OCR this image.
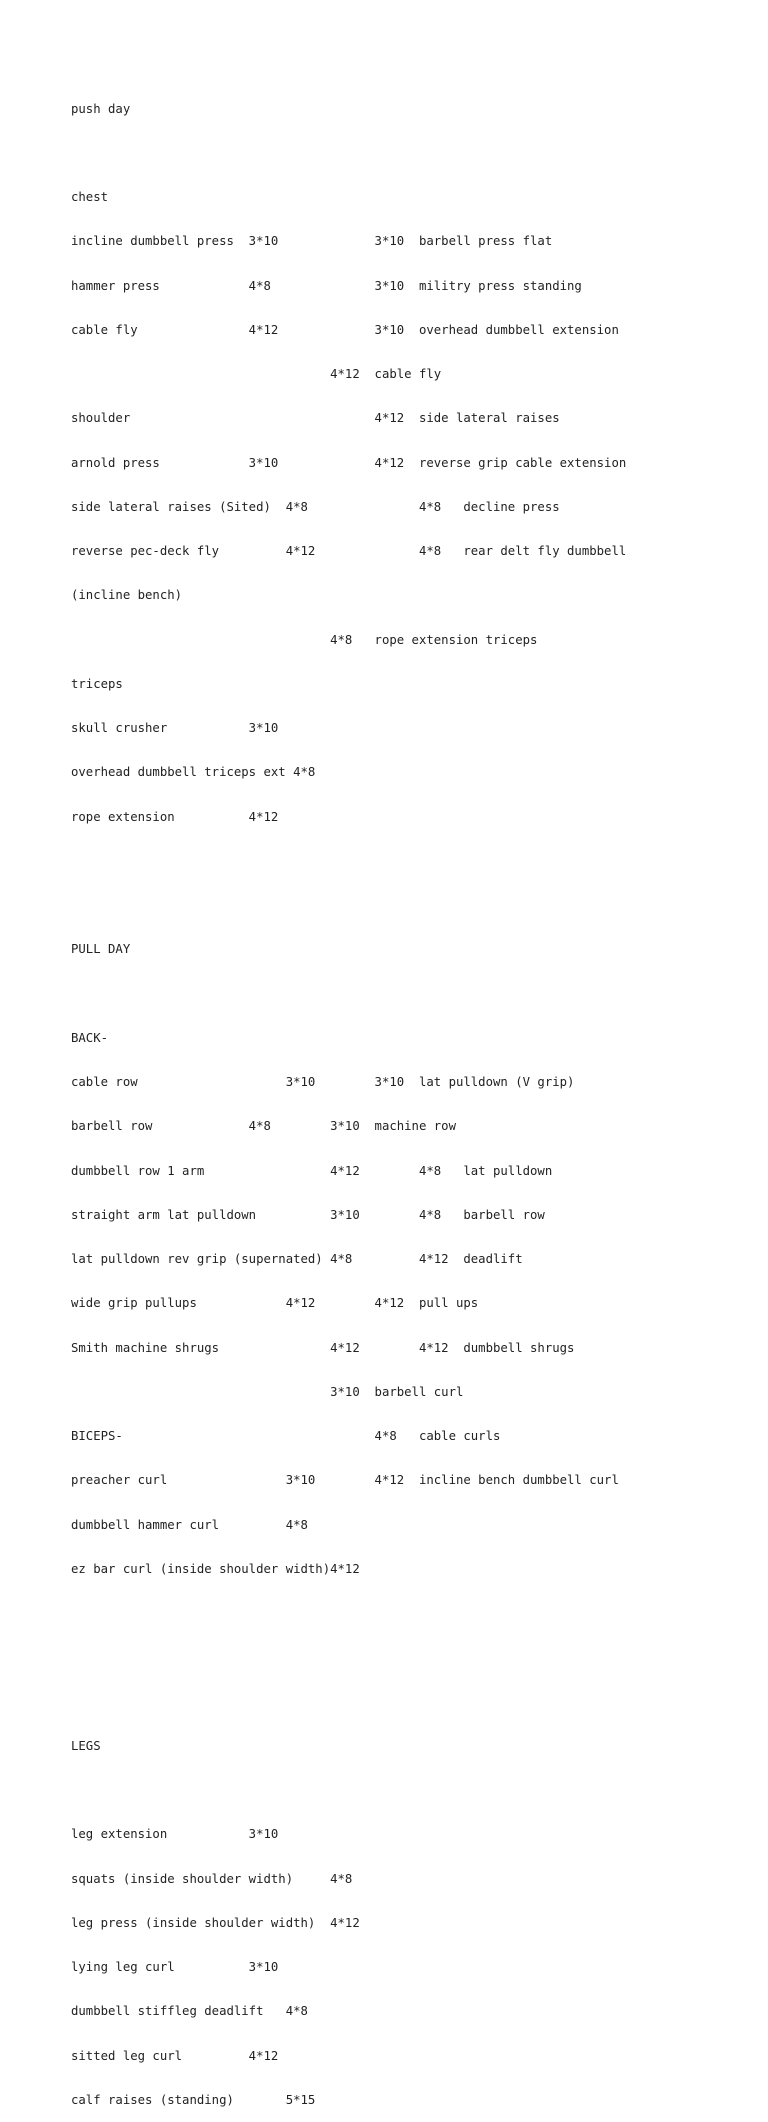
push day

chest

incline dumbbell press  3*10             3*10  barbell press flat

hammer press            4*8              3*10  militry press standing

cable fly               4*12             3*10  overhead dumbbell extension

4*12  cable fly

shoulder                                 4*12  side lateral raises

arnold press            3*10             4*12  reverse grip cable extension

side lateral raises (Sited)  4*8               4*8   decline press

reverse pec-deck fly         4*12              4*8   rear delt fly dumbbell

(incline bench)

4*8   rope extension triceps

triceps

skull crusher           3*10

overhead dumbbell triceps ext 4*8

rope extension          4*12

PULL DAY

BACK-

cable row                    3*10        3*10  lat pulldown (V grip)

barbell row             4*8        3*10  machine row

dumbbell row 1 arm                 4*12        4*8   lat pulldown

straight arm lat pulldown          3*10        4*8   barbell row

lat pulldown rev grip (supernated) 4*8         4*12  deadlift

wide grip pullups            4*12        4*12  pull ups

Smith machine shrugs               4*12        4*12  dumbbell shrugs

3*10  barbell curl

BICEPS-                                  4*8   cable curls

preacher curl                3*10        4*12  incline bench dumbbell curl

dumbbell hammer curl         4*8

ez bar curl (inside shoulder width)4*12

LEGS

leg extension           3*10

squats (inside shoulder width)     4*8

leg press (inside shoulder width)  4*12

lying leg curl          3*10

dumbbell stiffleg deadlift   4*8

sitted leg curl         4*12

calf raises (standing)       5*15
